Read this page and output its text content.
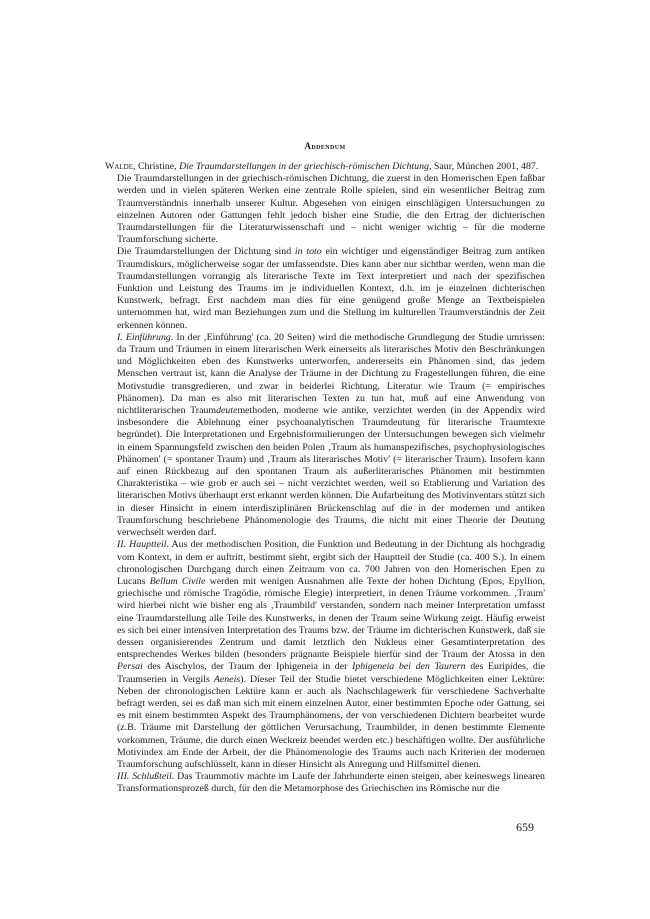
Addendum

Walde, Christine, Die Traumdarstellungen in der griechisch-römischen Dichtung, Saur, München 2001, 487.

Die Traumdarstellungen in der griechisch-römischen Dichtung, die zuerst in den Homerischen Epen faßbar werden und in vielen späteren Werken eine zentrale Rolle spielen, sind ein wesentlicher Beitrag zum Traumverständnis innerhalb unserer Kultur. Abgesehen von einigen einschlägigen Untersuchungen zu einzelnen Autoren oder Gattungen fehlt jedoch bisher eine Studie, die den Ertrag der dichterischen Traumdarstellungen für die Literaturwissenschaft und – nicht weniger wichtig – für die moderne Traumforschung sicherte.

Die Traumdarstellungen der Dichtung sind in toto ein wichtiger und eigenständiger Beitrag zum antiken Traumdiskurs, möglicherweise sogar der umfassendste. Dies kann aber nur sichtbar werden, wenn man die Traumdarstellungen vorrangig als literarische Texte im Text interpretiert und nach der spezifischen Funktion und Leistung des Traums im je individuellen Kontext, d.h. im je einzelnen dichterischen Kunstwerk, befragt. Erst nachdem man dies für eine genügend große Menge an Textbeispielen unternommen hat, wird man Beziehungen zum und die Stellung im kulturellen Traumverständnis der Zeit erkennen können.

I. Einführung. In der ‚Einführung' (ca. 20 Seiten) wird die methodische Grundlegung der Studie umrissen: da Traum und Träumen in einem literarischen Werk einerseits als literarisches Motiv den Beschränkungen und Möglichkeiten eben des Kunstwerks unterworfen, andererseits ein Phänomen sind, das jedem Menschen vertraut ist, kann die Analyse der Träume in der Dichtung zu Fragestellungen führen, die eine Motivstudie transgredieren, und zwar in beiderlei Richtung, Literatur wie Traum (= empirisches Phänomen). Da man es also mit literarischen Texten zu tun hat, muß auf eine Anwendung von nichtliterarischen Traumdeutemethoden, moderne wie antike, verzichtet werden (in der Appendix wird insbesondere die Ablehnung einer psychoanalytischen Traumdeutung für literarische Traumtexte begründet). Die Interpretationen und Ergebnisformulierungen der Untersuchungen bewegen sich vielmehr in einem Spannungsfeld zwischen den beiden Polen ‚Traum als humanspezifisches, psychophysiologisches Phänomen' (= spontaner Traum) und ‚Traum als literarisches Motiv' (= literarischer Traum). Insofern kann auf einen Rückbezug auf den spontanen Traum als außerliterarisches Phänomen mit bestimmten Charakteristika – wie grob er auch sei – nicht verzichtet werden, weil so Etablierung und Variation des literarischen Motivs überhaupt erst erkannt werden können. Die Aufarbeitung des Motivinventars stützt sich in dieser Hinsicht in einem interdisziplinären Brückenschlag auf die in der modernen und antiken Traumforschung beschriebene Phänomenologie des Traums, die nicht mit einer Theorie der Deutung verwechselt werden darf.

II. Hauptteil. Aus der methodischen Position, die Funktion und Bedeutung in der Dichtung als hochgradig vom Kontext, in dem er auftritt, bestimmt sieht, ergibt sich der Hauptteil der Studie (ca. 400 S.). In einem chronologischen Durchgang durch einen Zeitraum von ca. 700 Jahren von den Homerischen Epen zu Lucans Bellum Civile werden mit wenigen Ausnahmen alle Texte der hohen Dichtung (Epos, Epyllion, griechische und römische Tragödie, römische Elegie) interpretiert, in denen Träume vorkommen. ‚Traum' wird hierbei nicht wie bisher eng als ‚Traumbild' verstanden, sondern nach meiner Interpretation umfasst eine Traumdarstellung alle Teile des Kunstwerks, in denen der Traum seine Wirkung zeigt. Häufig erweist es sich bei einer intensiven Interpretation des Traums bzw. der Träume im dichterischen Kunstwerk, daß sie dessen organisierendes Zentrum und damit letztlich den Nukleus einer Gesamtinterpretation des entsprechendes Werkes bilden (besonders prägnante Beispiele hierfür sind der Traum der Atossa in den Persai des Aischylos, der Traum der Iphigeneia in der Iphigeneia bei den Taurern des Euripides, die Traumserien in Vergils Aeneis). Dieser Teil der Studie bietet verschiedene Möglichkeiten einer Lektüre: Neben der chronologischen Lektüre kann er auch als Nachschlagewerk für verschiedene Sachverhalte befragt werden, sei es daß man sich mit einem einzelnen Autor, einer bestimmten Epoche oder Gattung, sei es mit einem bestimmten Aspekt des Traumphänomens, der von verschiedenen Dichtern bearbeitet wurde (z.B. Träume mit Darstellung der göttlichen Verursachung, Traumbilder, in denen bestimmte Elemente vorkommen, Träume, die durch einen Weckreiz beendet werden etc.) beschäftigen wollte. Der ausführliche Motivindex am Ende der Arbeit, der die Phänomenologie des Traums auch nach Kriterien der modernen Traumforschung aufschlüsselt, kann in dieser Hinsicht als Anregung und Hilfsmittel dienen.

III. Schlußteil. Das Traummotiv machte im Laufe der Jahrhunderte einen steigen, aber keineswegs linearen Transformationsprozeß durch, für den die Metamorphose des Griechischen ins Römische nur die

659
